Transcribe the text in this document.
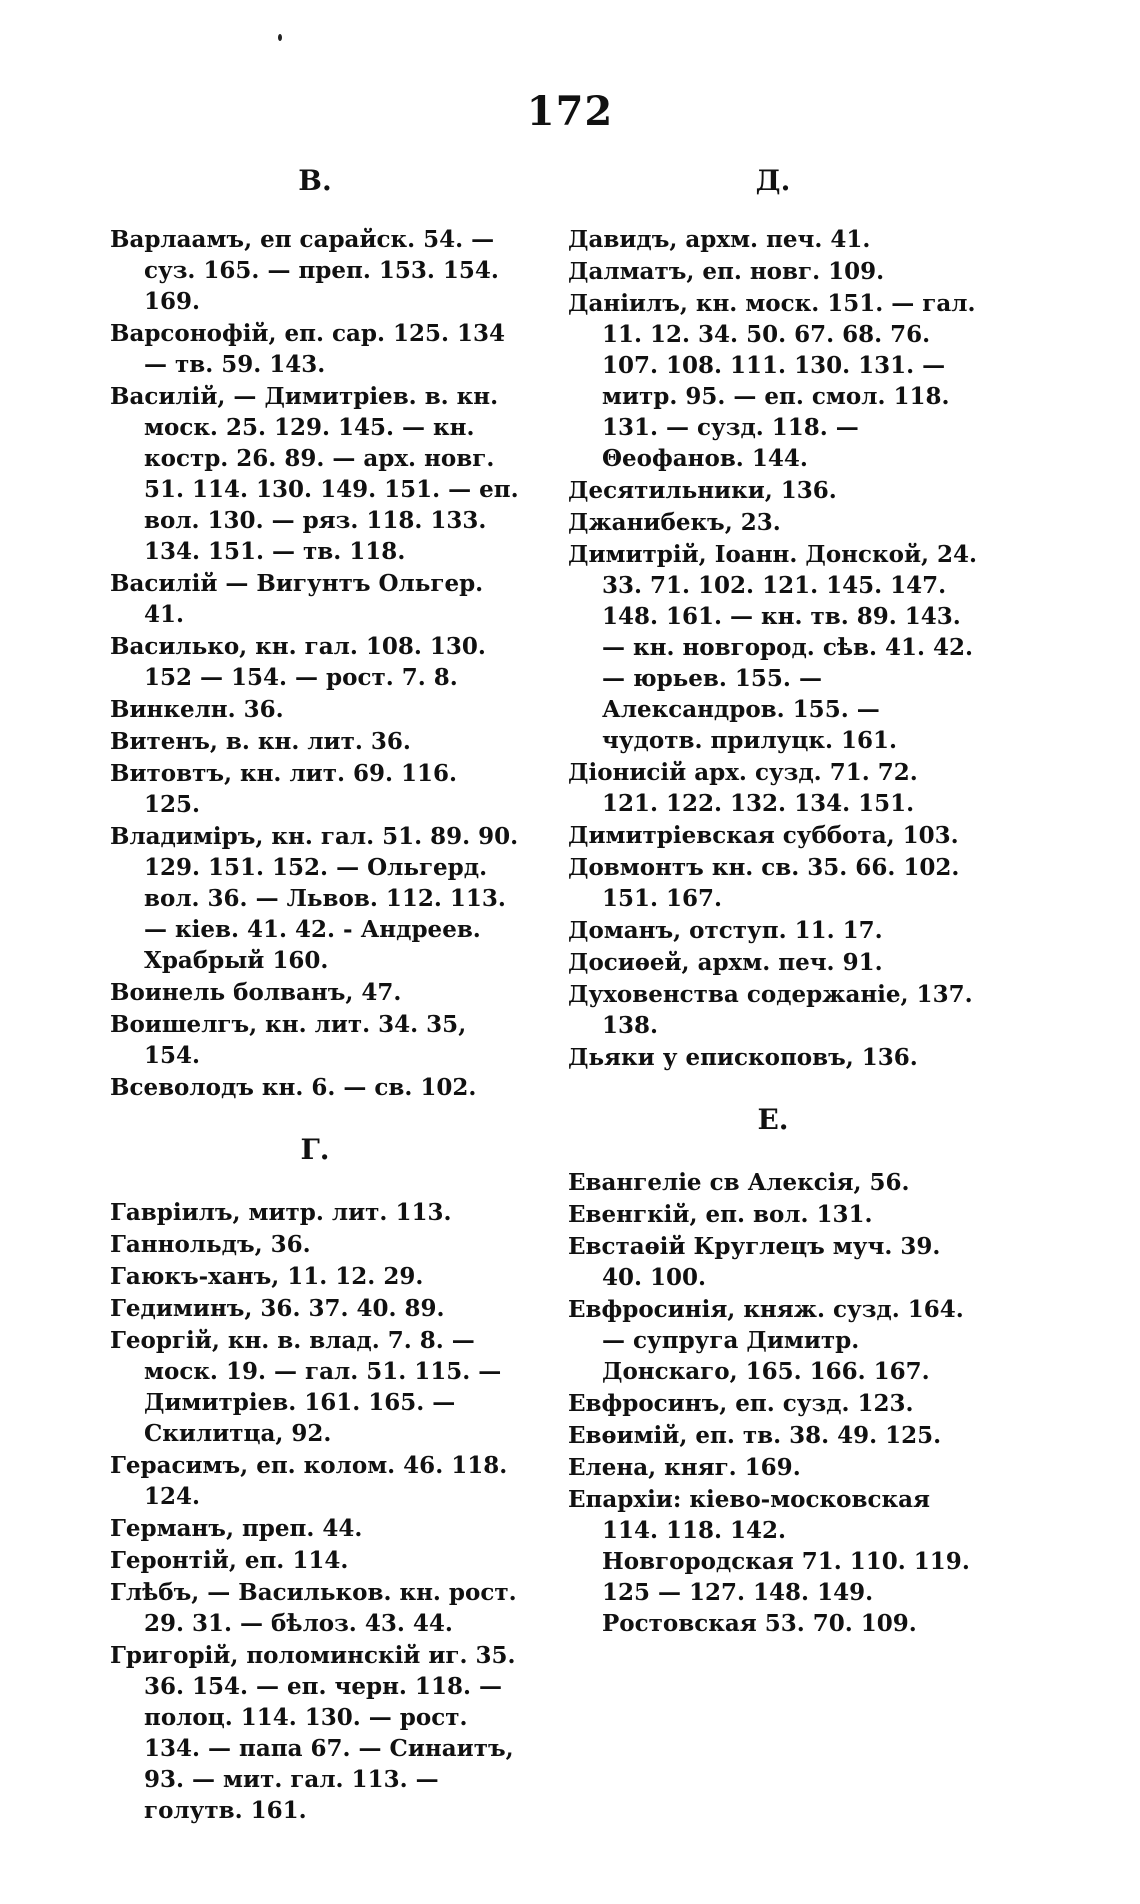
172
В.
Варлаамъ, еп сарайск. 54. — cуз. 165. — преп. 153. 154. 169.
Варсонофій, еп. сар. 125. 134 — тв. 59. 143.
Василій, — Димитріев. в. кн. моск. 25. 129. 145. — кн. костр. 26. 89. — арх. новг. 51. 114. 130. 149. 151. — еп. вол. 130. — ряз. 118. 133. 134. 151. — тв. 118.
Василій — Вигунтъ Ольгер. 41.
Василько, кн. гал. 108. 130. 152 — 154. — рост. 7. 8.
Винкелн. 36.
Витенъ, в. кн. лит. 36.
Витовтъ, кн. лит. 69. 116. 125.
Владиміръ, кн. гал. 51. 89. 90. 129. 151. 152. — Ольгерд. вол. 36. — Львов. 112. 113. — кіев. 41. 42. - Андреев. Храбрый 160.
Воинель болванъ, 47.
Воишелгъ, кн. лит. 34. 35, 154.
Всеволодъ кн. 6. — св. 102.
Г.
Гавріилъ, митр. лит. 113.
Ганнольдъ, 36.
Гаюкъ-ханъ, 11. 12. 29.
Гедиминъ, 36. 37. 40. 89.
Георгій, кн. в. влад. 7. 8. — моск. 19. — гал. 51. 115. — Димитріев. 161. 165. — Скилитца, 92.
Герасимъ, еп. колом. 46. 118. 124.
Германъ, преп. 44.
Геронтій, еп. 114.
Глѣбъ, — Васильков. кн. рост. 29. 31. — бѣлоз. 43. 44.
Григорій, поломинскій иг. 35. 36. 154. — еп. черн. 118. — полоц. 114. 130. — рост. 134. — папа 67. — Синаитъ, 93. — мит. гал. 113. — голутв. 161.
Д.
Давидъ, архм. печ. 41.
Далматъ, еп. новг. 109.
Даніилъ, кн. моск. 151. — гал. 11. 12. 34. 50. 67. 68. 76. 107. 108. 111. 130. 131. — митр. 95. — еп. смол. 118. 131. — сузд. 118. — Θеофанов. 144.
Десятильники, 136.
Джанибекъ, 23.
Димитрій, Іоанн. Донской, 24. 33. 71. 102. 121. 145. 147. 148. 161. — кн. тв. 89. 143. — кн. новгород. сѣв. 41. 42. — юрьев. 155. — Александров. 155. — чудотв. прилуцк. 161.
Діонисій арх. сузд. 71. 72. 121. 122. 132. 134. 151.
Димитріевская суббота, 103.
Довмонтъ кн. св. 35. 66. 102. 151. 167.
Доманъ, отступ. 11. 17.
Досиѳей, архм. печ. 91.
Духовенства содержаніе, 137. 138.
Дьяки у епископовъ, 136.
Е.
Евангеліе св Алексія, 56.
Евенгкій, еп. вол. 131.
Евстаѳій Круглецъ муч. 39. 40. 100.
Евфросинія, княж. сузд. 164. — супруга Димитр. Донскаго, 165. 166. 167.
Евфросинъ, еп. сузд. 123.
Евѳимій, еп. тв. 38. 49. 125.
Елена, княг. 169.
Епархіи: кіево-московская 114. 118. 142. Новгородская 71. 110. 119. 125 — 127. 148. 149. Ростовская 53. 70. 109.
